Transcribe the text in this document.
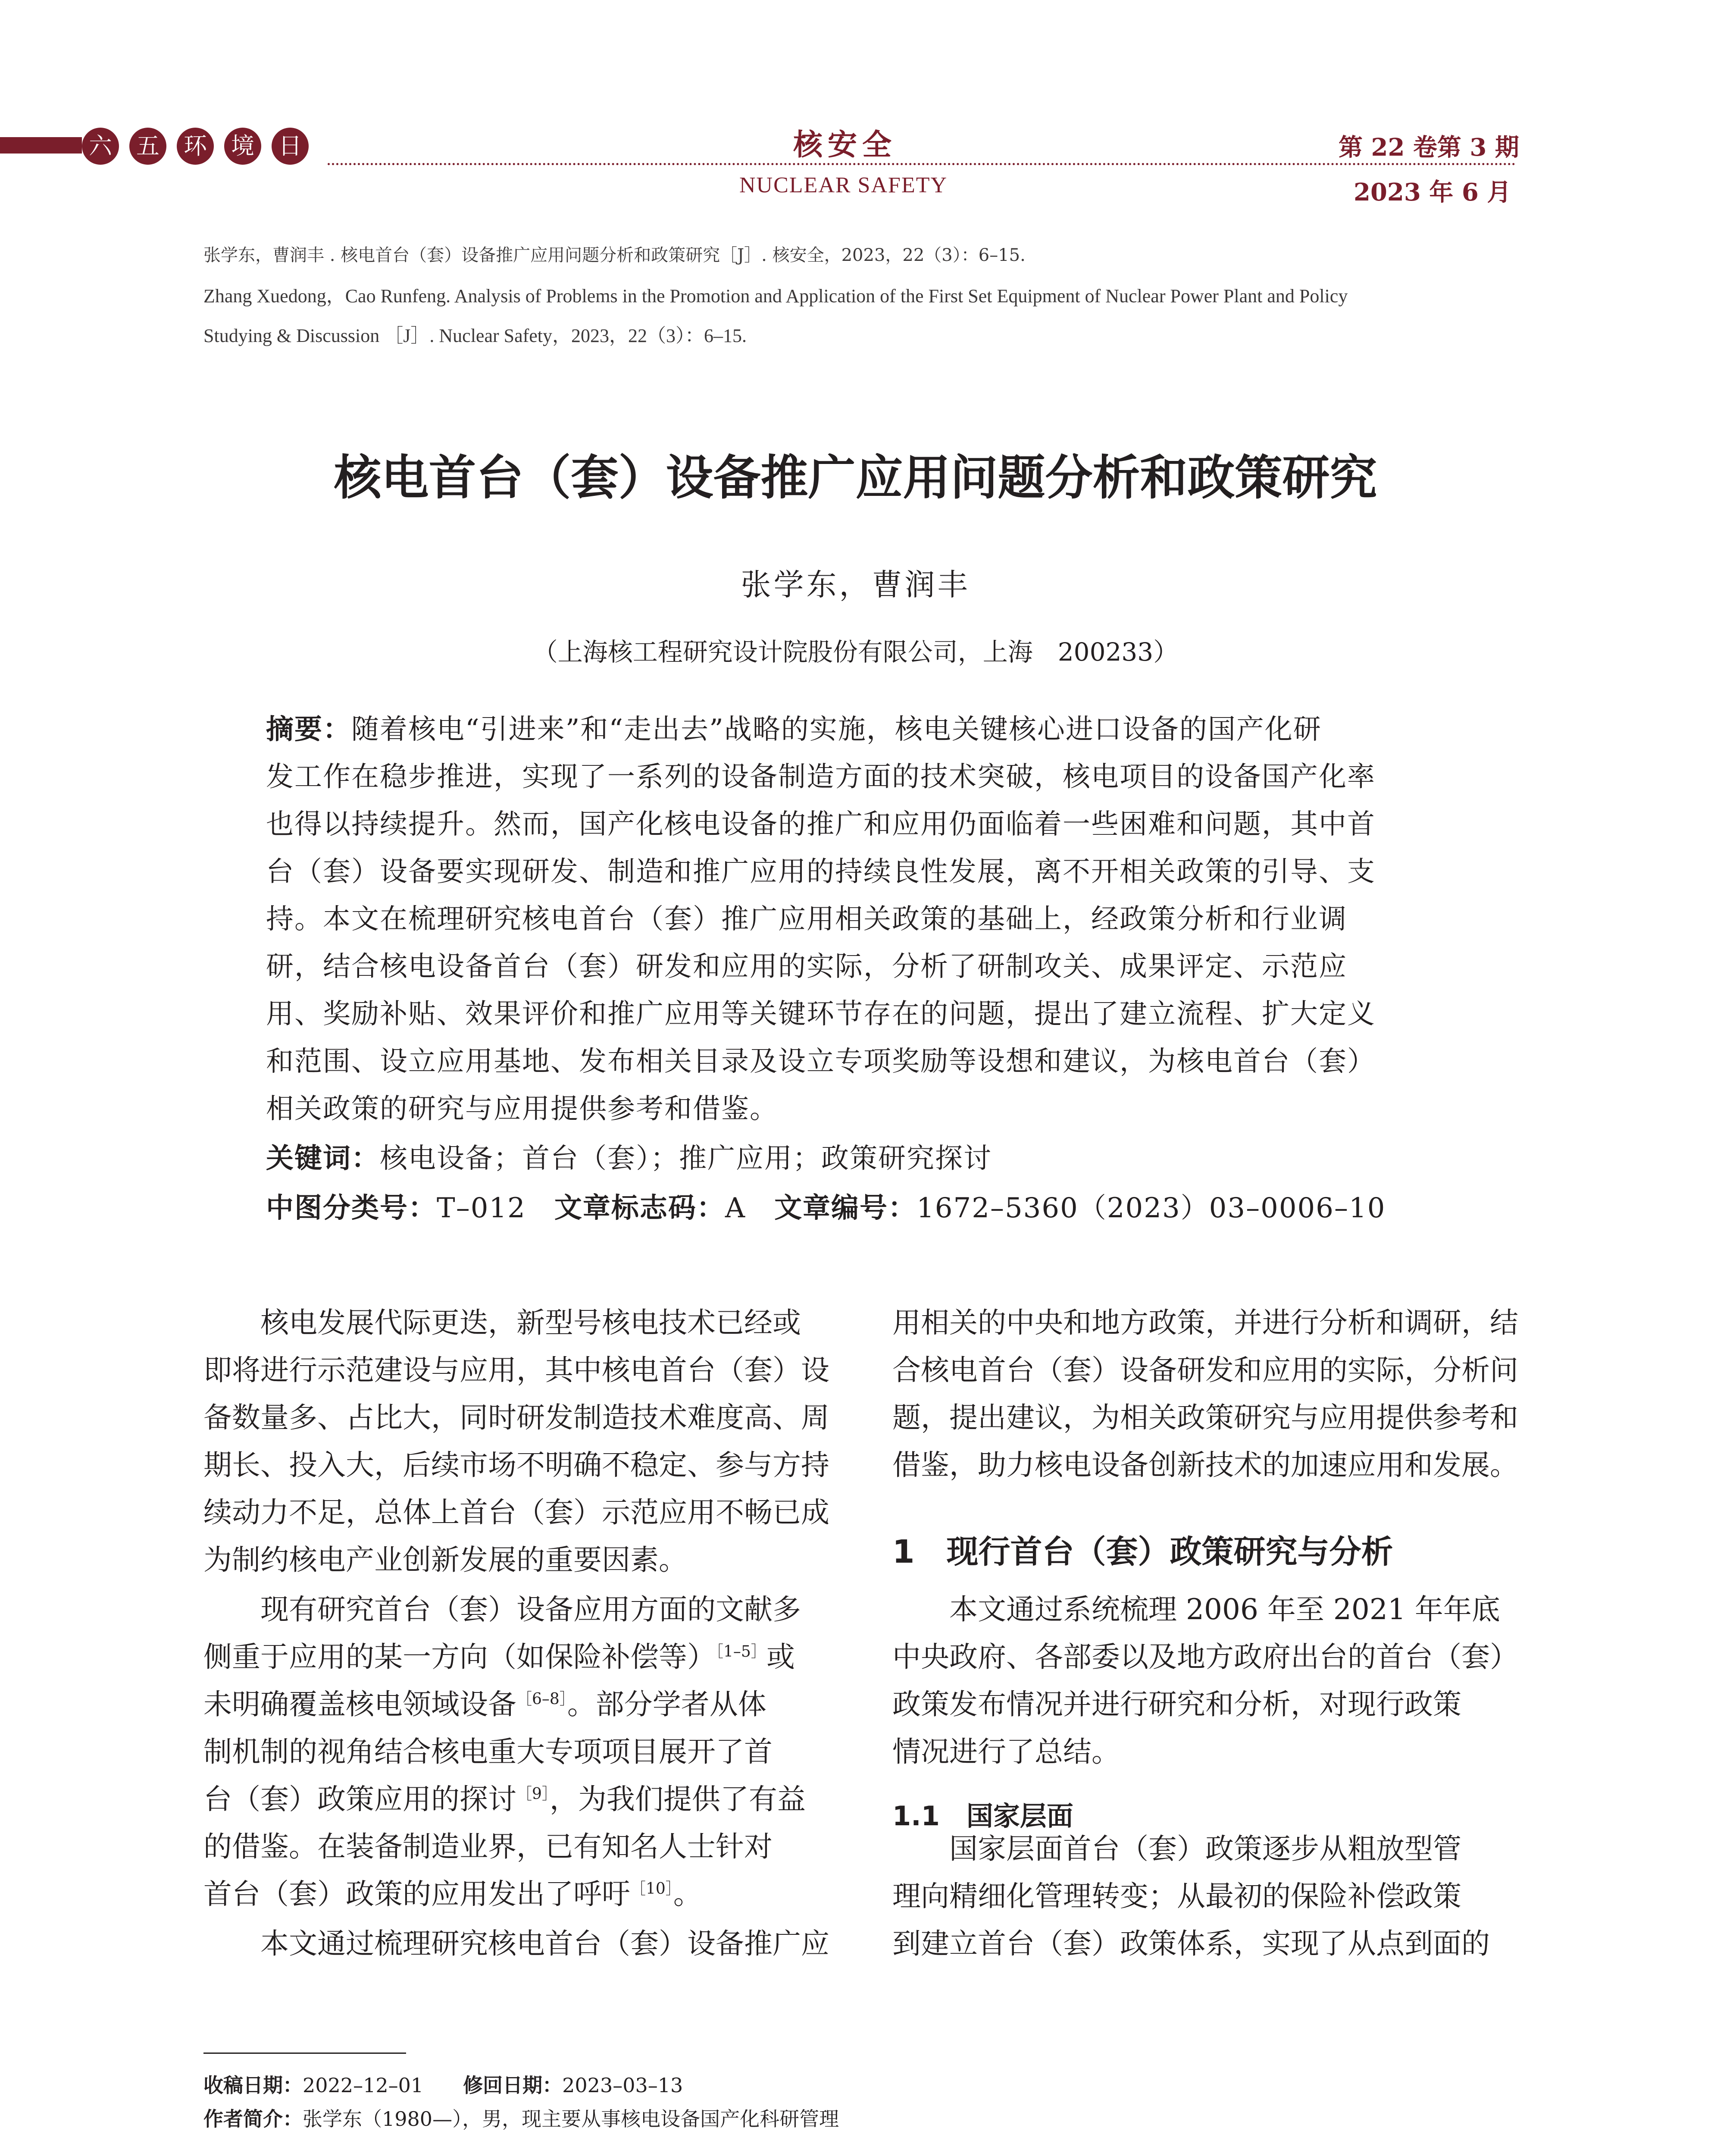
六 五 环 境 日	核安全
NUCLEAR SAFETY
第 22 卷第 3 期
2023 年 6 月
张学东，曹润丰 . 核电首台（套）设备推广应用问题分析和政策研究［J］. 核安全，2023，22（3）：6–15.
Zhang Xuedong，Cao Runfeng. Analysis of Problems in the Promotion and Application of the First Set Equipment of Nuclear Power Plant and Policy
Studying & Discussion ［J］. Nuclear Safety，2023，22（3）：6–15.
核电首台（套）设备推广应用问题分析和政策研究
张学东，曹润丰
（上海核工程研究设计院股份有限公司，上海　200233）
摘要：随着核电“引进来”和“走出去”战略的实施，核电关键核心进口设备的国产化研
发工作在稳步推进，实现了一系列的设备制造方面的技术突破，核电项目的设备国产化率
也得以持续提升。然而，国产化核电设备的推广和应用仍面临着一些困难和问题，其中首
台（套）设备要实现研发、制造和推广应用的持续良性发展，离不开相关政策的引导、支
持。本文在梳理研究核电首台（套）推广应用相关政策的基础上，经政策分析和行业调
研，结合核电设备首台（套）研发和应用的实际，分析了研制攻关、成果评定、示范应
用、奖励补贴、效果评价和推广应用等关键环节存在的问题，提出了建立流程、扩大定义
和范围、设立应用基地、发布相关目录及设立专项奖励等设想和建议，为核电首台（套）
相关政策的研究与应用提供参考和借鉴。
关键词：核电设备；首台（套）；推广应用；政策研究探讨
中图分类号：T–012　 文章标志码：A　 文章编号：1672–5360（2023）03–0006–10
　　核电发展代际更迭，新型号核电技术已经或
即将进行示范建设与应用，其中核电首台（套）设
备数量多、占比大，同时研发制造技术难度高、周
期长、投入大，后续市场不明确不稳定、参与方持
续动力不足，总体上首台（套）示范应用不畅已成
为制约核电产业创新发展的重要因素。
　　现有研究首台（套）设备应用方面的文献多
侧重于应用的某一方向（如保险补偿等）$^{[1-5]}$或
未明确覆盖核电领域设备$^{[6-8]}$。部分学者从体
制机制的视角结合核电重大专项项目展开了首
台（套）政策应用的探讨$^{[9]}$，为我们提供了有益
的借鉴。在装备制造业界，已有知名人士针对
首台（套）政策的应用发出了呼吁$^{[10]}$。
　　本文通过梳理研究核电首台（套）设备推广应
用相关的中央和地方政策，并进行分析和调研，结
合核电首台（套）设备研发和应用的实际，分析问
题，提出建议，为相关政策研究与应用提供参考和
借鉴，助力核电设备创新技术的加速应用和发展。
1　现行首台（套）政策研究与分析
　　本文通过系统梳理 2006 年至 2021 年年底
中央政府、各部委以及地方政府出台的首台（套）
政策发布情况并进行研究和分析，对现行政策
情况进行了总结。
1.1　国家层面
　　国家层面首台（套）政策逐步从粗放型管
理向精细化管理转变；从最初的保险补偿政策
到建立首台（套）政策体系，实现了从点到面的
收稿日期：2022–12–01　　 修回日期：2023–03–13
作者简介：张学东（1980—），男，现主要从事核电设备国产化科研管理
